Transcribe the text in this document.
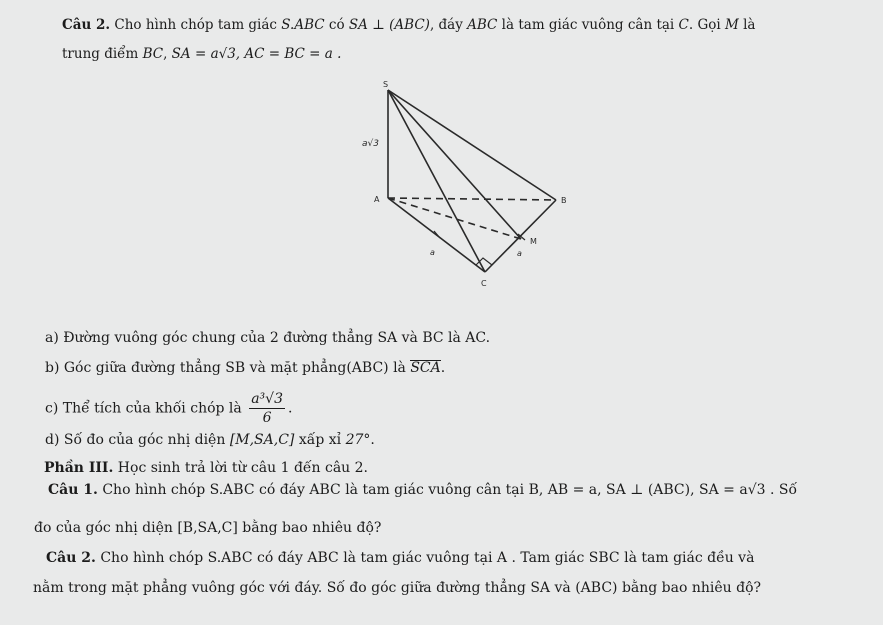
Câu 2. Cho hình chóp tam giác S.ABC có SA ⊥ (ABC), đáy ABC là tam giác vuông cân tại C. Gọi M là
trung điểm BC, SA = a√3, AC = BC = a .
S
A	B
C
M
a√3
a	a
a) Đường vuông góc chung của 2 đường thẳng SA và BC là AC.
b) Góc giữa đường thẳng SB và mặt phẳng(ABC) là SCA.
c) Thể tích của khối chóp là $\frac{\text{a³√3}}{6}$ .
d) Số đo của góc nhị diện [M,SA,C] xấp xỉ 27°.
Phần III. Học sinh trả lời từ câu 1 đến câu 2.
Câu 1. Cho hình chóp S.ABC có đáy ABC là tam giác vuông cân tại B, AB = a, SA ⊥ (ABC), SA = a√3 . Số
đo của góc nhị diện [B,SA,C] bằng bao nhiêu độ?
Câu 2. Cho hình chóp S.ABC có đáy ABC là tam giác vuông tại A . Tam giác SBC là tam giác đều và
nằm trong mặt phẳng vuông góc với đáy. Số đo góc giữa đường thẳng SA và (ABC) bằng bao nhiêu độ?
